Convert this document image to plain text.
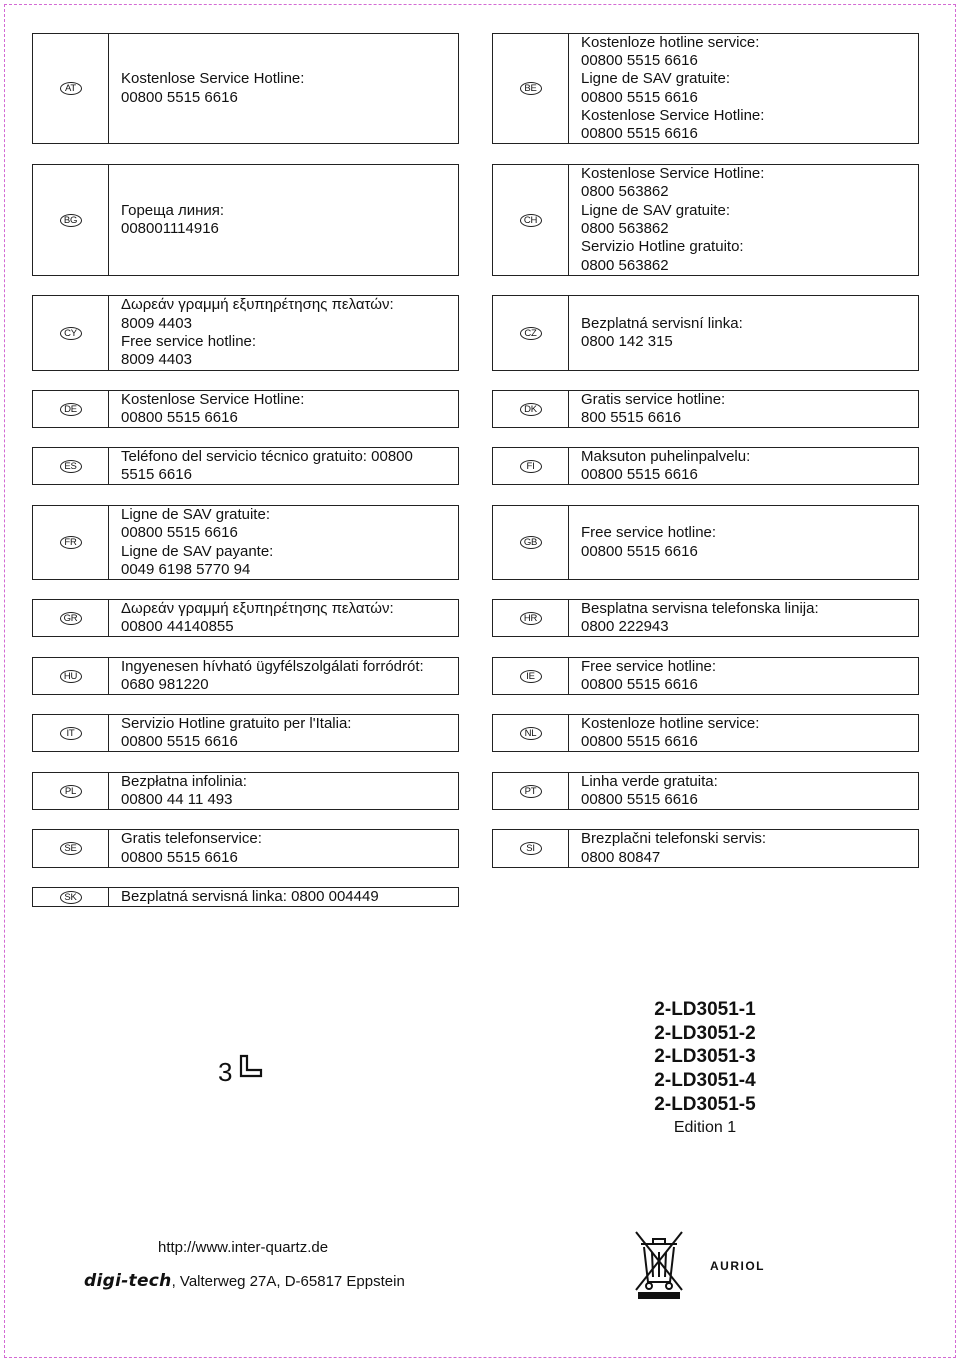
AT
Kostenlose Service Hotline:
00800 5515 6616
BG
Гореща линия:
008001114916
CY
Δωρεάν γραμμή εξυπηρέτησης πελατών:
8009 4403
Free service hotline:
8009 4403
DE
Kostenlose Service Hotline:
00800 5515 6616
ES
Teléfono del servicio técnico gratuito: 00800
5515 6616
FR
Ligne de SAV gratuite:
00800 5515 6616
Ligne de SAV payante:
0049 6198 5770 94
GR
Δωρεάν γραμμή εξυπηρέτησης πελατών:
00800 44140855
HU
Ingyenesen hívható ügyfélszolgálati forródrót:
0680 981220
IT
Servizio Hotline gratuito per l'Italia:
00800 5515 6616
PL
Bezpłatna infolinia:
00800 44 11 493
SE
Gratis telefonservice:
00800 5515 6616
SK	Bezplatná servisná linka: 0800 004449
BE
Kostenloze hotline service:
00800 5515 6616
Ligne de SAV gratuite:
00800 5515 6616
Kostenlose Service Hotline:
00800 5515 6616
CH
Kostenlose Service Hotline:
0800 563862
Ligne de SAV gratuite:
0800 563862
Servizio Hotline gratuito:
0800 563862
CZ
Bezplatná servisní linka:
0800 142 315
DK
Gratis service hotline:
800 5515 6616
FI
Maksuton puhelinpalvelu:
00800 5515 6616
GB
Free service hotline:
00800 5515 6616
HR
Besplatna servisna telefonska linija:
0800 222943
IE
Free service hotline:
00800 5515 6616
NL
Kostenloze hotline service:
00800 5515 6616
PT
Linha verde gratuita:
00800 5515 6616
SI
Brezplačni telefonski servis:
0800 80847
3
2-LD3051-1
2-LD3051-2
2-LD3051-3
2-LD3051-4
2-LD3051-5
Edition 1
http://www.inter-quartz.de
digi-tech , Valterweg 27A, D-65817 Eppstein
AURIOL
